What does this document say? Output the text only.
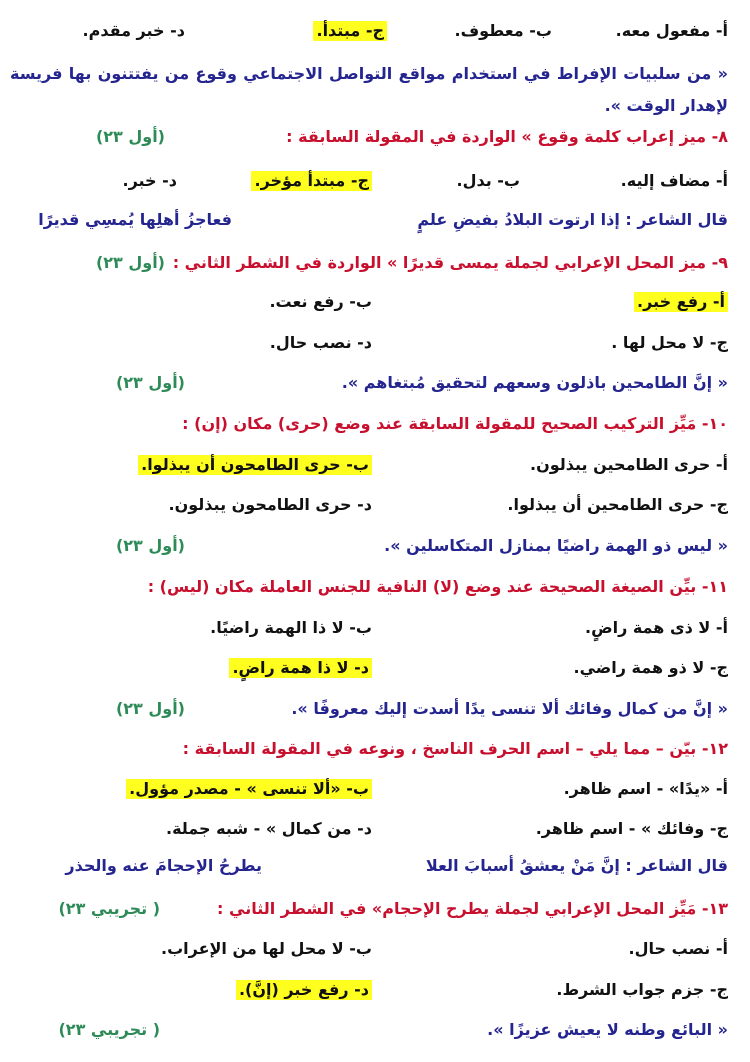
أ- مفعول معه.
ب- معطوف.
ج- مبتدأ.
د- خبر مقدم.
« من سلبيات الإفراط في استخدام مواقع التواصل الاجتماعي وقوع من يفتتنون بها فريسة لإهدار الوقت ».
٨- ميز إعراب كلمة وقوع » الواردة في المقولة السابقة :
(أول ٢٣)
أ- مضاف إليه.
ب- بدل.
ج- مبتدأ مؤخر.
د- خبر.
قال الشاعر : إذا ارتوت البلادُ بفيضِ علمٍ
فعاجزُ أهلِها يُمسِي قديرًا
٩- ميز المحل الإعرابي لجملة يمسى قديرًا » الواردة في الشطر الثاني :
(أول ٢٣)
أ- رفع خبر.
ب- رفع نعت.
ج- لا محل لها .
د- نصب حال.
« إنَّ الطامحين باذلون وسعهم لتحقيق مُبتغاهم ».
(أول ٢٣)
١٠- مَيِّز التركيب الصحيح للمقولة السابقة عند وضع (حرى) مكان (إن) :
أ- حرى الطامحين يبذلون.
ب- حرى الطامحون أن يبذلوا.
ج- حرى الطامحين أن يبذلوا.
د- حرى الطامحون يبذلون.
« ليس ذو الهمة راضيًا بمنازل المتكاسلين ».
(أول ٢٣)
١١- بيِّن الصيغة الصحيحة عند وضع (لا) النافية للجنس العاملة مكان (ليس) :
أ- لا ذى همة راضٍ.
ب- لا ذا الهمة راضيًا.
ج- لا ذو همة راضي.
د- لا ذا همة راضٍ.
« إنَّ من كمال وفائك ألا تنسى يدًا أسدت إليك معروفًا ».
(أول ٢٣)
١٢- بيّن – مما يلي – اسم الحرف الناسخ ، ونوعه في المقولة السابقة :
أ- «يدًا» - اسم ظاهر.
ب- «ألا تنسى » - مصدر مؤول.
ج- وفائك » - اسم ظاهر.
د- من كمال » - شبه جملة.
قال الشاعر : إنَّ مَنْ يعشقُ أسبابَ العلا
يطرحُ الإحجامَ عنه والحذر
١٣- مَيِّز المحل الإعرابي لجملة يطرح الإحجام» في الشطر الثاني :
( تجريبي ٢٣)
أ- نصب حال.
ب- لا محل لها من الإعراب.
ج- جزم جواب الشرط.
د- رفع خبر (إنَّ).
« البائع وطنه لا يعيش عزيزًا ».
( تجريبي ٢٣)
